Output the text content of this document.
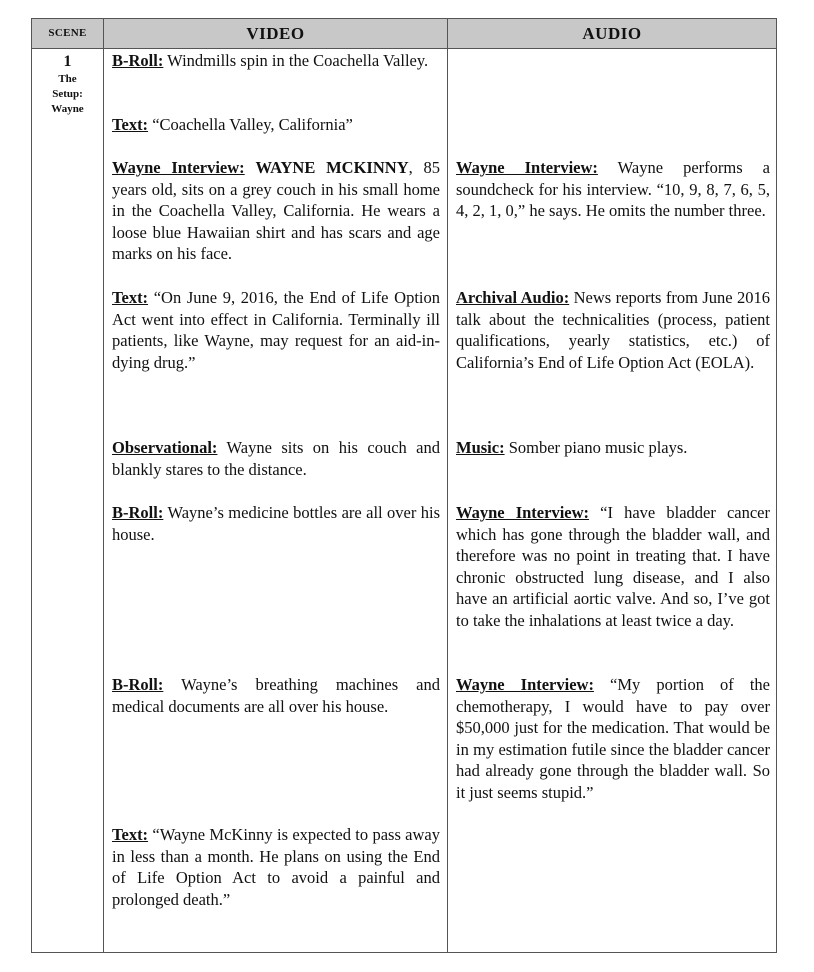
SCENE	VIDEO	AUDIO
1
The
Setup:
Wayne
B-Roll: Windmills spin in the Coachella Valley.
Text: “Coachella Valley, California”
Wayne Interview: WAYNE MCKINNY, 85 years old, sits on a grey couch in his small home in the Coachella Valley, California. He wears a loose blue Hawaiian shirt and has scars and age marks on his face.
Text: “On June 9, 2016, the End of Life Option Act went into effect in California. Terminally ill patients, like Wayne, may request for an aid-in-dying drug.”
Observational: Wayne sits on his couch and blankly stares to the distance.
B-Roll: Wayne’s medicine bottles are all over his house.
B-Roll: Wayne’s breathing machines and medical documents are all over his house.
Text: “Wayne McKinny is expected to pass away in less than a month. He plans on using the End of Life Option Act to avoid a painful and prolonged death.”
Wayne Interview: Wayne performs a soundcheck for his interview. “10, 9, 8, 7, 6, 5, 4, 2, 1, 0,” he says. He omits the number three.
Archival Audio: News reports from June 2016 talk about the technicalities (process, patient qualifications, yearly statistics, etc.) of California’s End of Life Option Act (EOLA).
Music: Somber piano music plays.
Wayne Interview: “I have bladder cancer which has gone through the bladder wall, and therefore was no point in treating that. I have chronic obstructed lung disease, and I also have an artificial aortic valve. And so, I’ve got to take the inhalations at least twice a day.
Wayne Interview: “My portion of the chemotherapy, I would have to pay over $50,000 just for the medication. That would be in my estimation futile since the bladder cancer had already gone through the bladder wall. So it just seems stupid.”
